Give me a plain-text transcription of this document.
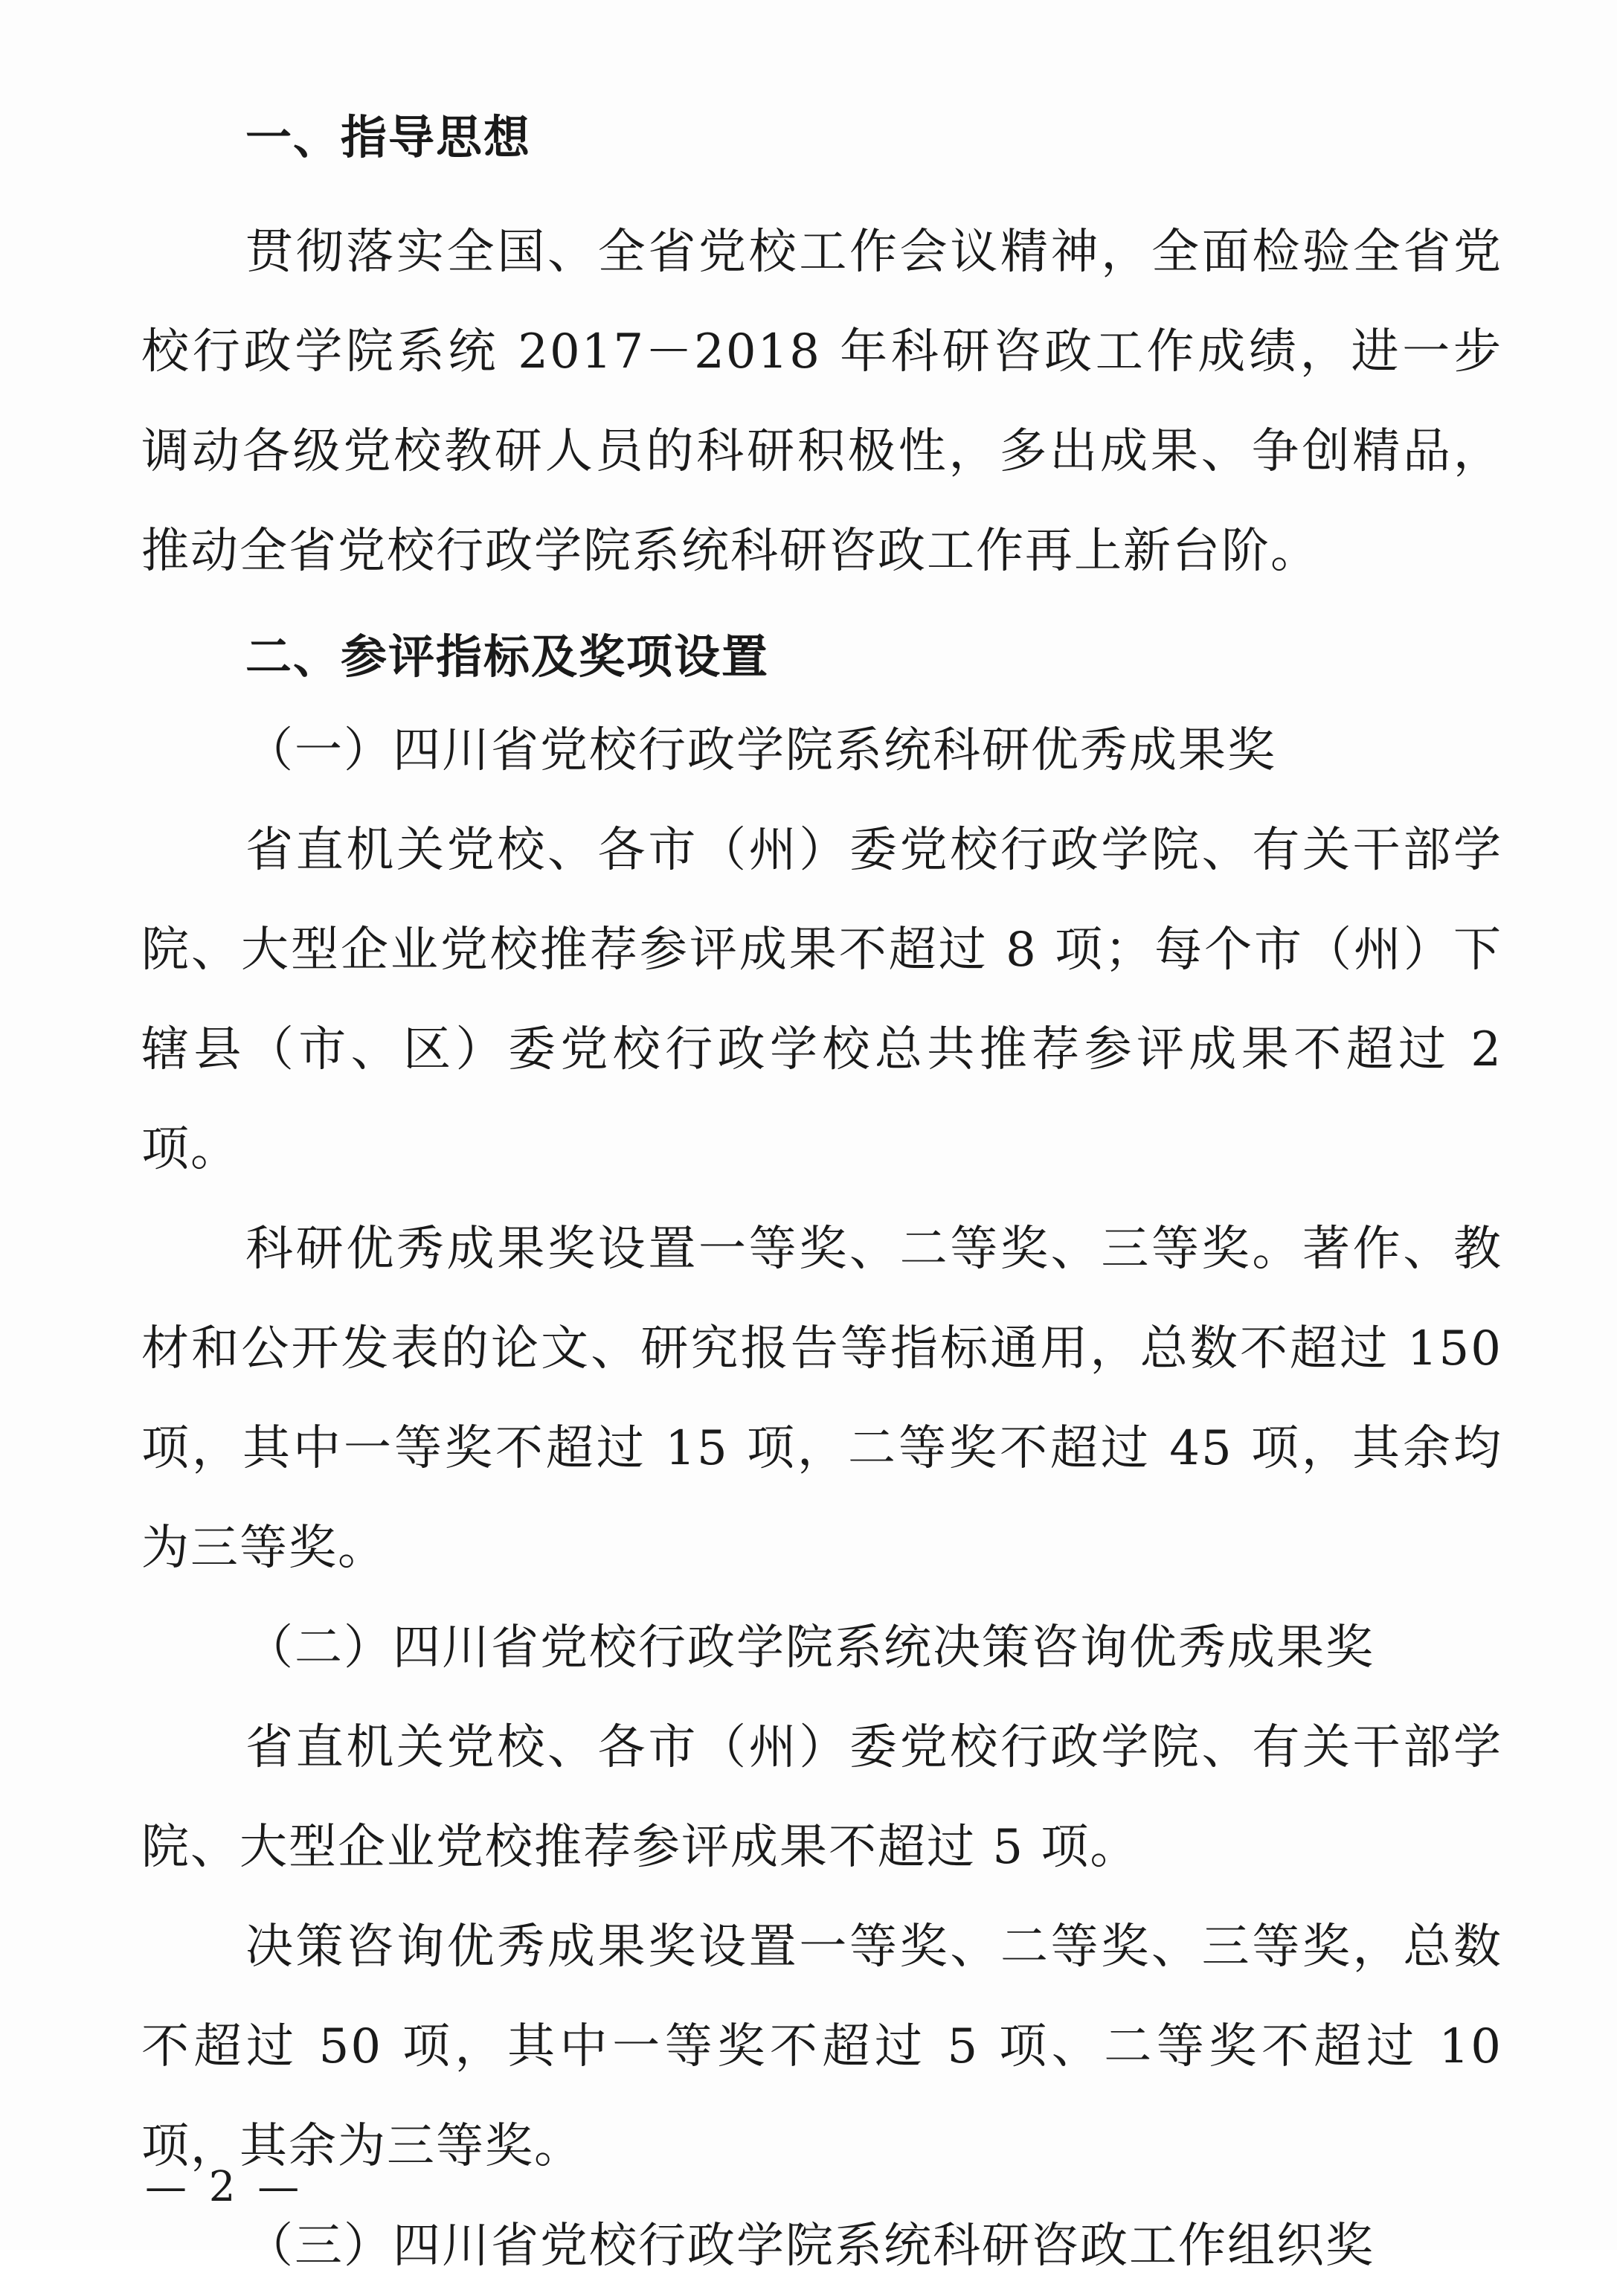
一、指导思想

贯彻落实全国、全省党校工作会议精神，全面检验全省党校行政学院系统 2017－2018 年科研咨政工作成绩，进一步调动各级党校教研人员的科研积极性，多出成果、争创精品，推动全省党校行政学院系统科研咨政工作再上新台阶。

二、参评指标及奖项设置

（一）四川省党校行政学院系统科研优秀成果奖

省直机关党校、各市（州）委党校行政学院、有关干部学院、大型企业党校推荐参评成果不超过 8 项；每个市（州）下辖县（市、区）委党校行政学校总共推荐参评成果不超过 2 项。

科研优秀成果奖设置一等奖、二等奖、三等奖。著作、教材和公开发表的论文、研究报告等指标通用，总数不超过 150 项，其中一等奖不超过 15 项，二等奖不超过 45 项，其余均为三等奖。

（二）四川省党校行政学院系统决策咨询优秀成果奖

省直机关党校、各市（州）委党校行政学院、有关干部学院、大型企业党校推荐参评成果不超过 5 项。

决策咨询优秀成果奖设置一等奖、二等奖、三等奖，总数不超过 50 项，其中一等奖不超过 5 项、二等奖不超过 10 项，其余为三等奖。

（三）四川省党校行政学院系统科研咨政工作组织奖

— 2 —
